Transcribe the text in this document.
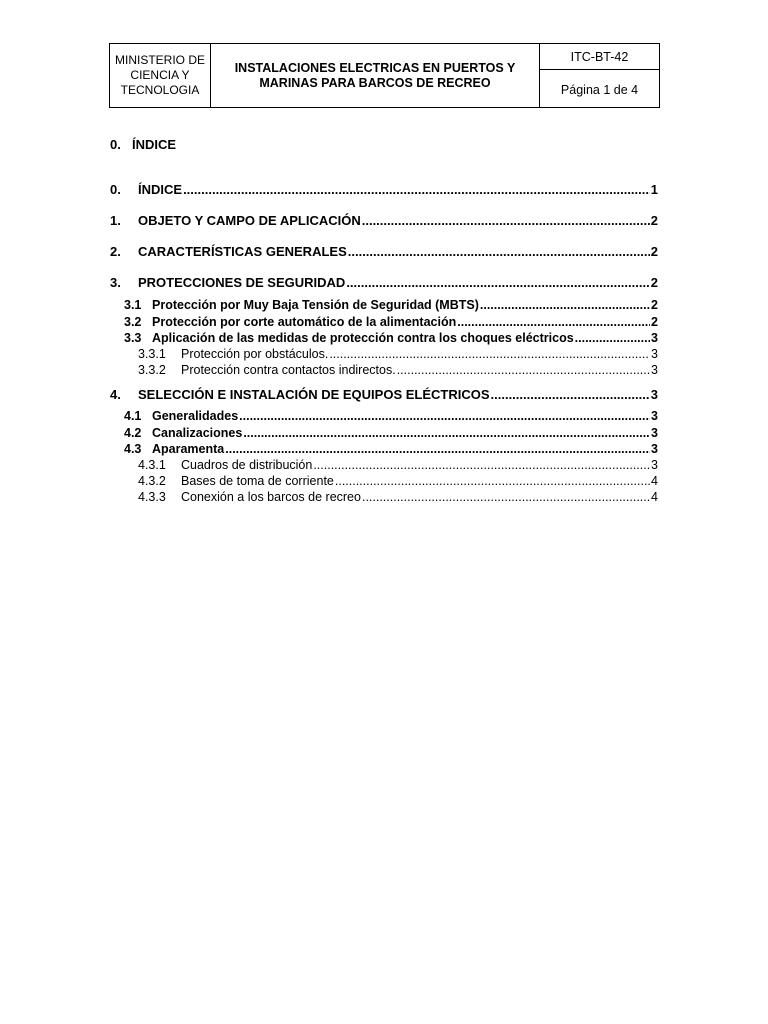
MINISTERIO DE CIENCIA Y TECNOLOGIA
INSTALACIONES ELECTRICAS EN PUERTOS Y MARINAS PARA BARCOS DE RECREO
ITC-BT-42
Página 1 de 4
0. ÍNDICE
0.	ÍNDICE .....	1
1.	OBJETO Y CAMPO DE APLICACIÓN .....	2
2.	CARACTERÍSTICAS GENERALES .....	2
3.	PROTECCIONES DE SEGURIDAD .....	2
3.1 Protección por Muy Baja Tensión de Seguridad (MBTS) .....	2
3.2 Protección por corte automático de la alimentación .....	2
3.3 Aplicación de las medidas de protección contra los choques eléctricos .....	3
3.3.1	Protección por obstáculos. .....	3
3.3.2	Protección contra contactos indirectos. .....	3
4.	SELECCIÓN E INSTALACIÓN DE EQUIPOS ELÉCTRICOS .....	3
4.1 Generalidades .....	3
4.2 Canalizaciones .....	3
4.3 Aparamenta .....	3
4.3.1	Cuadros de distribución .....	3
4.3.2	Bases de toma de corriente .....	4
4.3.3	Conexión a los barcos de recreo .....	4
